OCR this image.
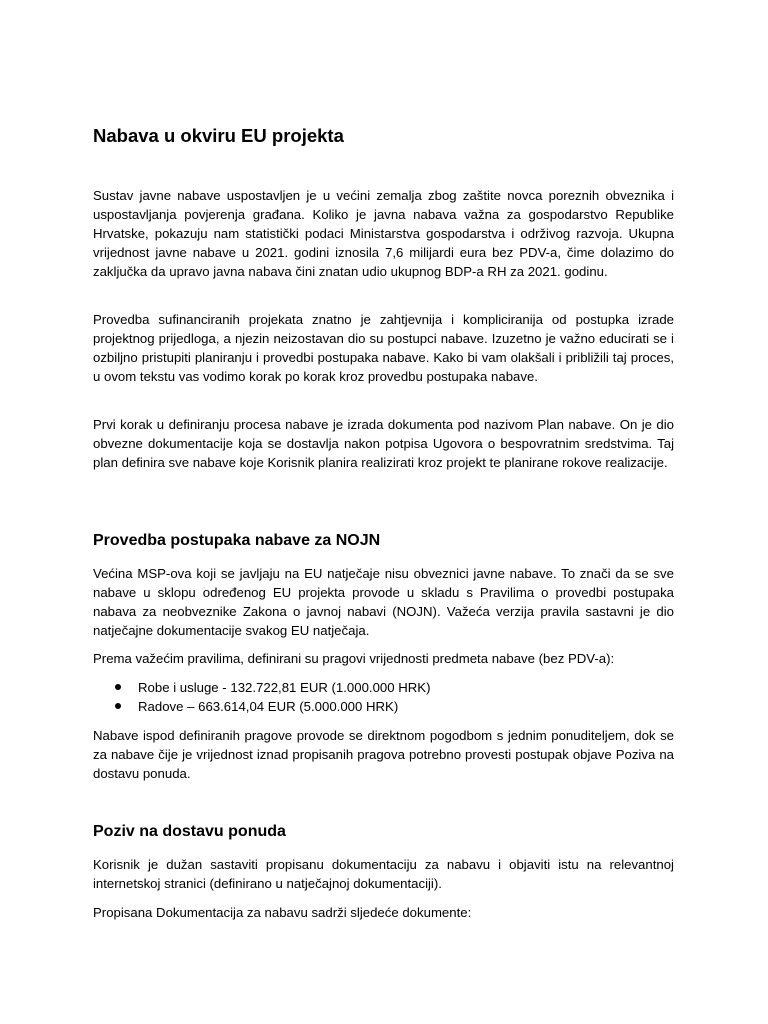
Nabava u okviru EU projekta

Sustav javne nabave uspostavljen je u većini zemalja zbog zaštite novca poreznih obveznika i uspostavljanja povjerenja građana. Koliko je javna nabava važna za gospodarstvo Republike Hrvatske, pokazuju nam statistički podaci Ministarstva gospodarstva i održivog razvoja. Ukupna vrijednost javne nabave u 2021. godini iznosila 7,6 milijardi eura bez PDV-a, čime dolazimo do zaključka da upravo javna nabava čini znatan udio ukupnog BDP-a RH za 2021. godinu.

Provedba sufinanciranih projekata znatno je zahtjevnija i kompliciranija od postupka izrade projektnog prijedloga, a njezin neizostavan dio su postupci nabave. Izuzetno je važno educirati se i ozbiljno pristupiti planiranju i provedbi postupaka nabave. Kako bi vam olakšali i približili taj proces, u ovom tekstu vas vodimo korak po korak kroz provedbu postupaka nabave.

Prvi korak u definiranju procesa nabave je izrada dokumenta pod nazivom Plan nabave. On je dio obvezne dokumentacije koja se dostavlja nakon potpisa Ugovora o bespovratnim sredstvima. Taj plan definira sve nabave koje Korisnik planira realizirati kroz projekt te planirane rokove realizacije.

Provedba postupaka nabave za NOJN

Većina MSP-ova koji se javljaju na EU natječaje nisu obveznici javne nabave. To znači da se sve nabave u sklopu određenog EU projekta provode u skladu s Pravilima o provedbi postupaka nabava za neobveznike Zakona o javnoj nabavi (NOJN). Važeća verzija pravila sastavni je dio natječajne dokumentacije svakog EU natječaja.

Prema važećim pravilima, definirani su pragovi vrijednosti predmeta nabave (bez PDV-a):

Robe i usluge - 132.722,81 EUR (1.000.000 HRK)
Radove – 663.614,04 EUR (5.000.000 HRK)

Nabave ispod definiranih pragove provode se direktnom pogodbom s jednim ponuditeljem, dok se za nabave čije je vrijednost iznad propisanih pragova potrebno provesti postupak objave Poziva na dostavu ponuda.

Poziv na dostavu ponuda

Korisnik je dužan sastaviti propisanu dokumentaciju za nabavu i objaviti istu na relevantnoj internetskoj stranici (definirano u natječajnoj dokumentaciji).

Propisana Dokumentacija za nabavu sadrži sljedeće dokumente:
